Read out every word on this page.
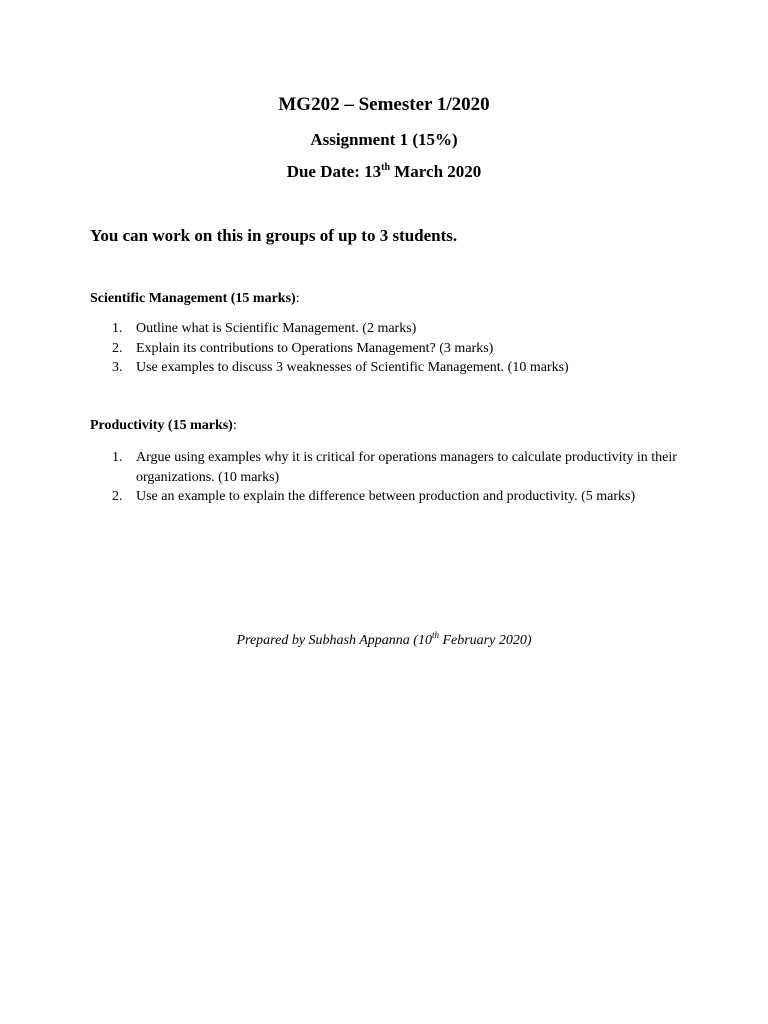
MG202 – Semester 1/2020
Assignment 1 (15%)
Due Date: 13th March 2020

You can work on this in groups of up to 3 students.

Scientific Management (15 marks):

1. Outline what is Scientific Management. (2 marks)
2. Explain its contributions to Operations Management? (3 marks)
3. Use examples to discuss 3 weaknesses of Scientific Management. (10 marks)

Productivity (15 marks):

1. Argue using examples why it is critical for operations managers to calculate productivity in their organizations. (10 marks)
2. Use an example to explain the difference between production and productivity. (5 marks)

Prepared by Subhash Appanna (10th February 2020)
